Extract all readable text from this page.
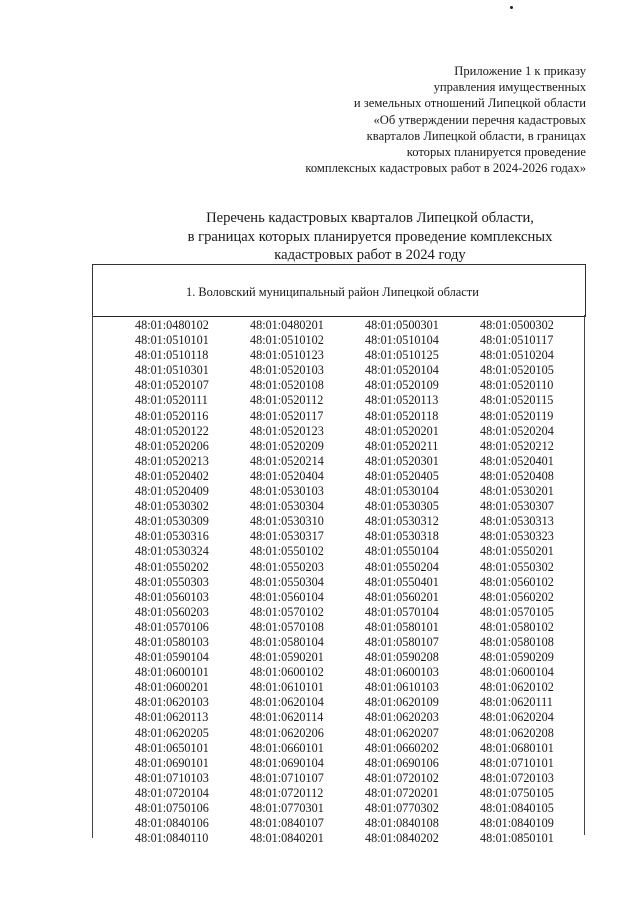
Приложение 1 к приказу
управления имущественных
и земельных отношений Липецкой области
«Об утверждении перечня кадастровых
кварталов Липецкой области, в границах
которых планируется проведение
комплексных кадастровых работ в 2024-2026 годах»
Перечень кадастровых кварталов Липецкой области,
в границах которых планируется проведение комплексных
кадастровых работ в 2024 году
1. Воловский муниципальный район Липецкой области
48:01:0480102	48:01:0480201	48:01:0500301	48:01:0500302
48:01:0510101	48:01:0510102	48:01:0510104	48:01:0510117
48:01:0510118	48:01:0510123	48:01:0510125	48:01:0510204
48:01:0510301	48:01:0520103	48:01:0520104	48:01:0520105
48:01:0520107	48:01:0520108	48:01:0520109	48:01:0520110
48:01:0520111	48:01:0520112	48:01:0520113	48:01:0520115
48:01:0520116	48:01:0520117	48:01:0520118	48:01:0520119
48:01:0520122	48:01:0520123	48:01:0520201	48:01:0520204
48:01:0520206	48:01:0520209	48:01:0520211	48:01:0520212
48:01:0520213	48:01:0520214	48:01:0520301	48:01:0520401
48:01:0520402	48:01:0520404	48:01:0520405	48:01:0520408
48:01:0520409	48:01:0530103	48:01:0530104	48:01:0530201
48:01:0530302	48:01:0530304	48:01:0530305	48:01:0530307
48:01:0530309	48:01:0530310	48:01:0530312	48:01:0530313
48:01:0530316	48:01:0530317	48:01:0530318	48:01:0530323
48:01:0530324	48:01:0550102	48:01:0550104	48:01:0550201
48:01:0550202	48:01:0550203	48:01:0550204	48:01:0550302
48:01:0550303	48:01:0550304	48:01:0550401	48:01:0560102
48:01:0560103	48:01:0560104	48:01:0560201	48:01:0560202
48:01:0560203	48:01:0570102	48:01:0570104	48:01:0570105
48:01:0570106	48:01:0570108	48:01:0580101	48:01:0580102
48:01:0580103	48:01:0580104	48:01:0580107	48:01:0580108
48:01:0590104	48:01:0590201	48:01:0590208	48:01:0590209
48:01:0600101	48:01:0600102	48:01:0600103	48:01:0600104
48:01:0600201	48:01:0610101	48:01:0610103	48:01:0620102
48:01:0620103	48:01:0620104	48:01:0620109	48:01:0620111
48:01:0620113	48:01:0620114	48:01:0620203	48:01:0620204
48:01:0620205	48:01:0620206	48:01:0620207	48:01:0620208
48:01:0650101	48:01:0660101	48:01:0660202	48:01:0680101
48:01:0690101	48:01:0690104	48:01:0690106	48:01:0710101
48:01:0710103	48:01:0710107	48:01:0720102	48:01:0720103
48:01:0720104	48:01:0720112	48:01:0720201	48:01:0750105
48:01:0750106	48:01:0770301	48:01:0770302	48:01:0840105
48:01:0840106	48:01:0840107	48:01:0840108	48:01:0840109
48:01:0840110	48:01:0840201	48:01:0840202	48:01:0850101
